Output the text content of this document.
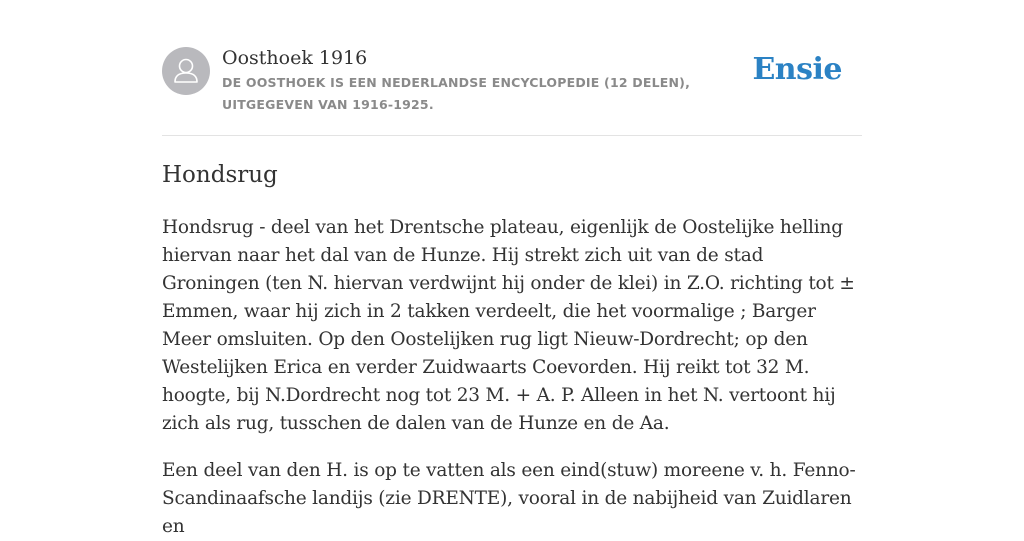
Oosthoek 1916
DE OOSTHOEK IS EEN NEDERLANDSE ENCYCLOPEDIE (12 DELEN), UITGEGEVEN VAN 1916-1925.
Ensie
Hondsrug

Hondsrug - deel van het Drentsche plateau, eigenlijk de Oostelijke helling hiervan naar het dal van de Hunze. Hij strekt zich uit van de stad Groningen (ten N. hiervan verdwijnt hij onder de klei) in Z.O. richting tot ± Emmen, waar hij zich in 2 takken verdeelt, die het voormalige ; Barger Meer omsluiten. Op den Oostelijken rug ligt Nieuw-Dordrecht; op den Westelijken Erica en verder Zuidwaarts Coevorden. Hij reikt tot 32 M. hoogte, bij N.Dordrecht nog tot 23 M. + A. P. Alleen in het N. vertoont hij zich als rug, tusschen de dalen van de Hunze en de Aa.

Een deel van den H. is op te vatten als een eind(stuw) moreene v. h. Fenno-Scandinaafsche landijs (zie DRENTE), vooral in de nabijheid van Zuidlaren en
